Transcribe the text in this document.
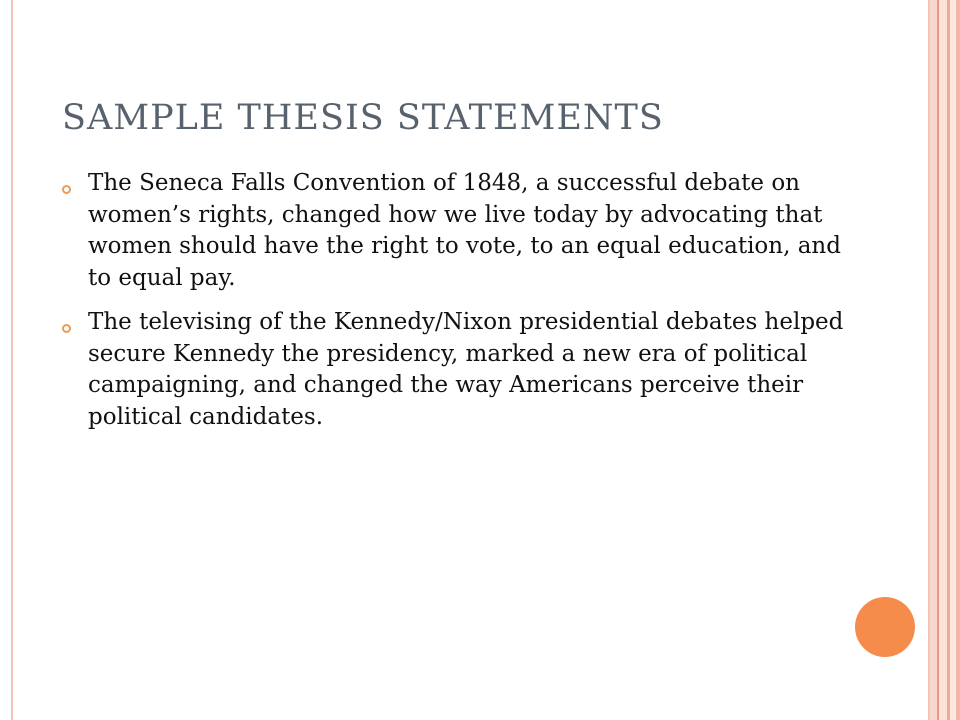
SAMPLE THESIS STATEMENTS
The Seneca Falls Convention of 1848, a successful debate on women’s rights, changed how we live today by advocating that women should have the right to vote, to an equal education, and to equal pay.
The televising of the Kennedy/Nixon presidential debates helped secure Kennedy the presidency, marked a new era of political campaigning, and changed the way Americans perceive their political candidates.
